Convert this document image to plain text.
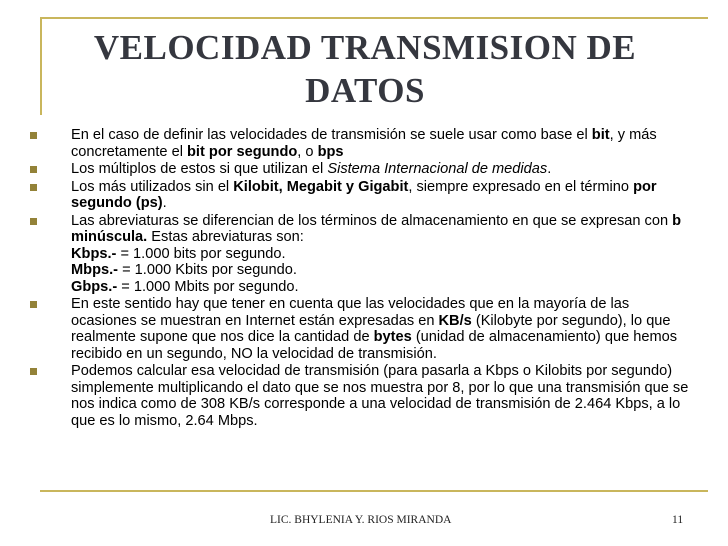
VELOCIDAD TRANSMISION DE DATOS
En el caso de definir las velocidades de transmisión se suele usar como base el bit, y más concretamente el bit por segundo, o bps
Los múltiplos de estos si que utilizan el Sistema Internacional de medidas.
Los más utilizados sin el Kilobit, Megabit y Gigabit, siempre expresado en el término por segundo (ps).
Las abreviaturas se diferencian de los términos de almacenamiento en que se expresan con b minúscula. Estas abreviaturas son:
Kbps.- = 1.000 bits por segundo.
Mbps.- = 1.000 Kbits por segundo.
Gbps.- = 1.000 Mbits por segundo.
En este sentido hay que tener en cuenta que las velocidades que en la mayoría de las ocasiones se muestran en Internet están expresadas en KB/s (Kilobyte por segundo), lo que realmente supone que nos dice la cantidad de bytes (unidad de almacenamiento) que hemos recibido en un segundo, NO la velocidad de transmisión.
Podemos calcular esa velocidad de transmisión (para pasarla a Kbps o Kilobits por segundo) simplemente multiplicando el dato que se nos muestra por 8, por lo que una transmisión que se nos indica como de 308 KB/s corresponde a una velocidad de transmisión de 2.464 Kbps, a lo que es lo mismo, 2.64 Mbps.
LIC. BHYLENIA Y. RIOS MIRANDA	11
